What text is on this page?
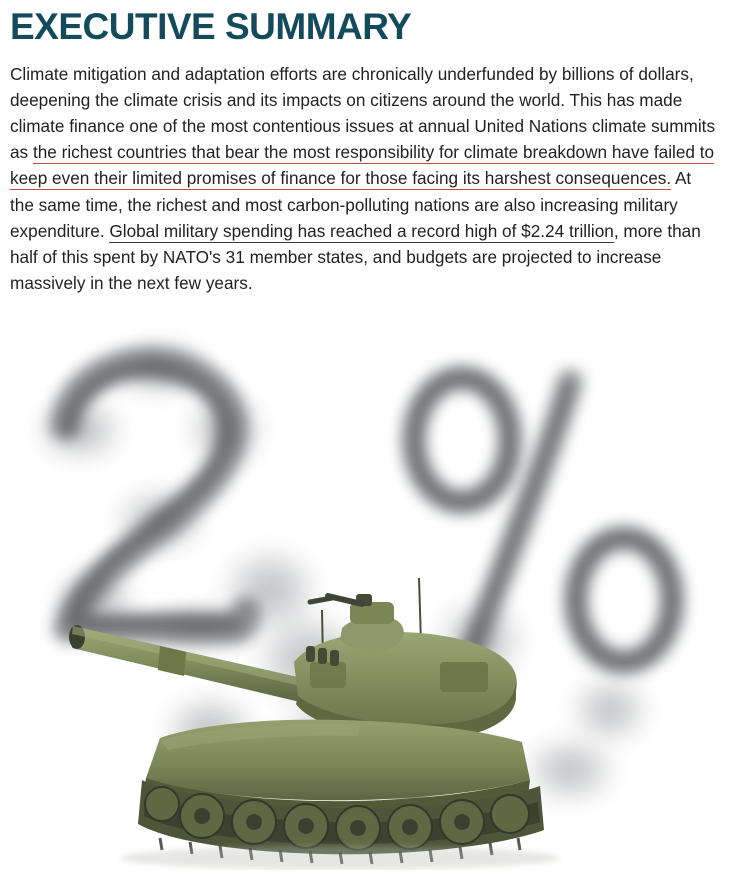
EXECUTIVE SUMMARY

Climate mitigation and adaptation efforts are chronically underfunded by billions of dollars, deepening the climate crisis and its impacts on citizens around the world. This has made climate finance one of the most contentious issues at annual United Nations climate summits as the richest countries that bear the most responsibility for climate breakdown have failed to keep even their limited promises of finance for those facing its harshest consequences. At the same time, the richest and most carbon-polluting nations are also increasing military expenditure. Global military spending has reached a record high of $2.24 trillion, more than half of this spent by NATO's 31 member states, and budgets are projected to increase massively in the next few years.
